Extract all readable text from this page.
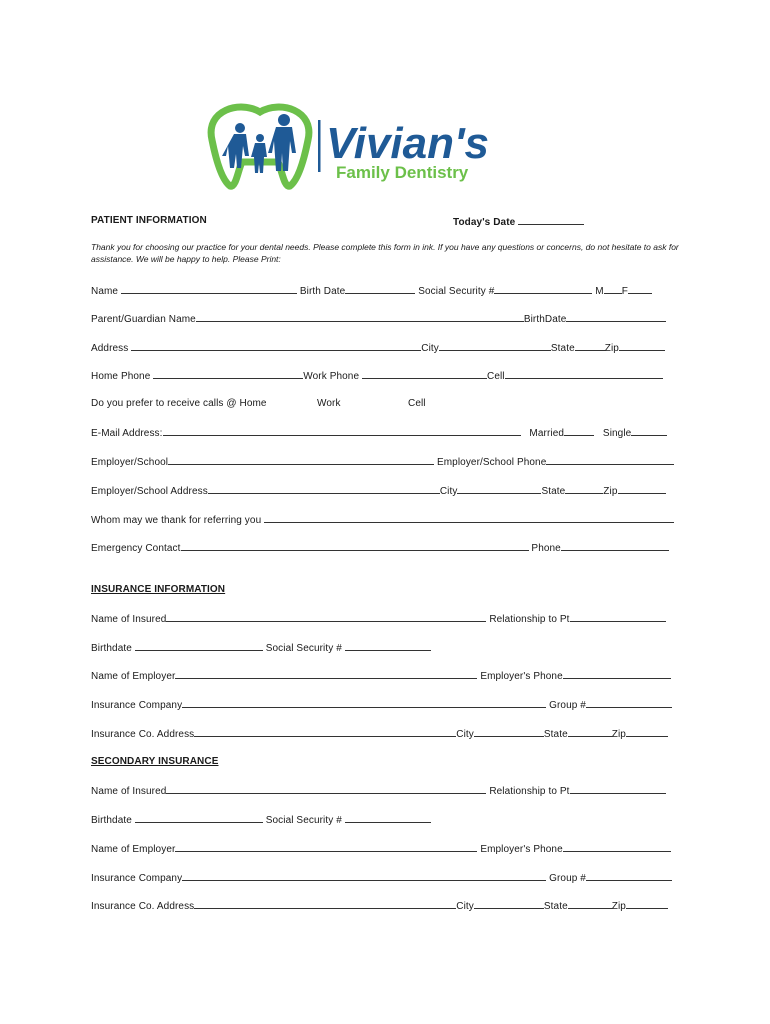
Vivian's
Family Dentistry
PATIENT INFORMATION	Today's Date
Thank you for choosing our practice for your dental needs. Please complete this form in ink. If you have any questions or concerns, do not hesitate to ask for assistance. We will be happy to help. Please Print:
Name	Birth Date	Social Security #	M F
Parent/Guardian Name	BirthDate
Address	City	State	Zip
Home Phone	Work Phone	Cell
Do you prefer to receive calls @ Home	Work	Cell
E-Mail Address:	Married	Single
Employer/School	Employer/School Phone
Employer/School Address	City	State	Zip
Whom may we thank for referring you
Emergency Contact	Phone
INSURANCE INFORMATION
Name of Insured	Relationship to Pt
Birthdate	Social Security #
Name of Employer	Employer's Phone
Insurance Company	Group #
Insurance Co. Address	City	State	Zip
SECONDARY INSURANCE
Name of Insured	Relationship to Pt
Birthdate	Social Security #
Name of Employer	Employer's Phone
Insurance Company	Group #
Insurance Co. Address	City	State	Zip
